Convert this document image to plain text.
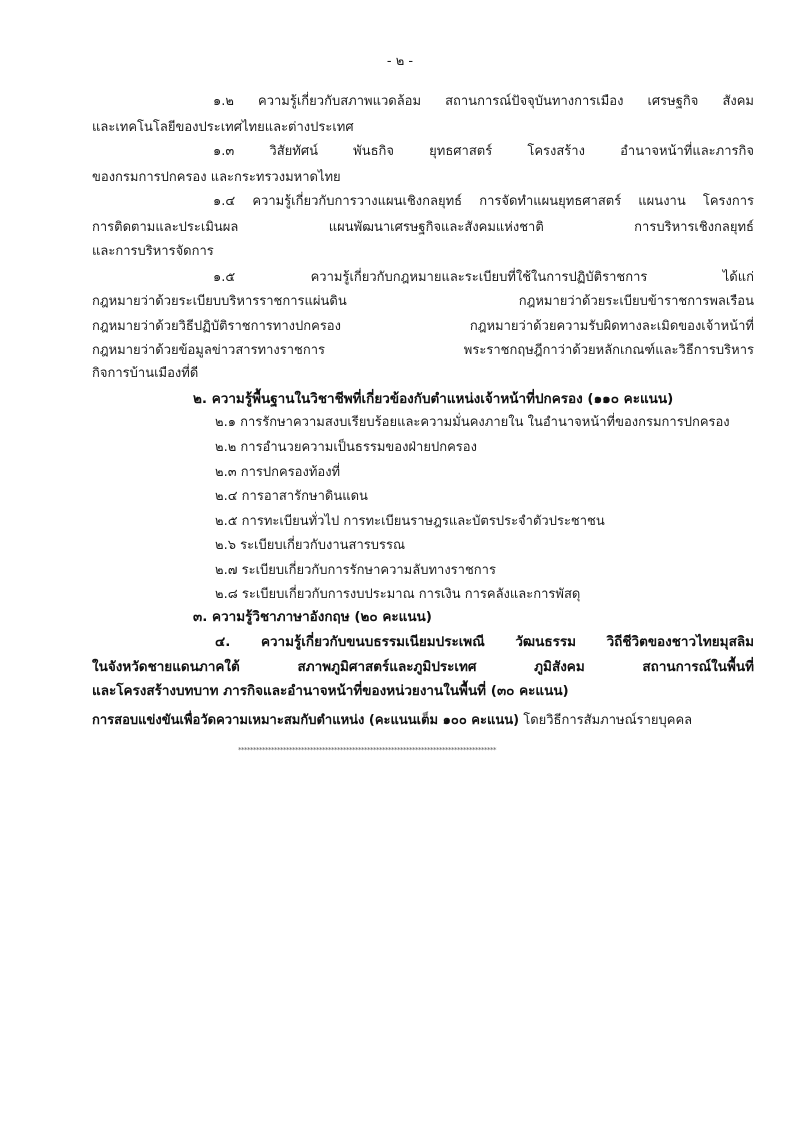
- ๒ -
๑.๒ ความรู้เกี่ยวกับสภาพแวดล้อม สถานการณ์ปัจจุบันทางการเมือง เศรษฐกิจ สังคม
และเทคโนโลยีของประเทศไทยและต่างประเทศ
๑.๓ วิสัยทัศน์ พันธกิจ ยุทธศาสตร์ โครงสร้าง อำนาจหน้าที่และภารกิจ
ของกรมการปกครอง และกระทรวงมหาดไทย
๑.๔ ความรู้เกี่ยวกับการวางแผนเชิงกลยุทธ์ การจัดทำแผนยุทธศาสตร์ แผนงาน โครงการ
การติดตามและประเมินผล แผนพัฒนาเศรษฐกิจและสังคมแห่งชาติ การบริหารเชิงกลยุทธ์
และการบริหารจัดการ
๑.๕ ความรู้เกี่ยวกับกฎหมายและระเบียบที่ใช้ในการปฏิบัติราชการ ได้แก่
กฎหมายว่าด้วยระเบียบบริหารราชการแผ่นดิน กฎหมายว่าด้วยระเบียบข้าราชการพลเรือน
กฎหมายว่าด้วยวิธีปฏิบัติราชการทางปกครอง กฎหมายว่าด้วยความรับผิดทางละเมิดของเจ้าหน้าที่
กฎหมายว่าด้วยข้อมูลข่าวสารทางราชการ พระราชกฤษฎีกาว่าด้วยหลักเกณฑ์และวิธีการบริหาร
กิจการบ้านเมืองที่ดี
๒. ความรู้พื้นฐานในวิชาชีพที่เกี่ยวข้องกับตำแหน่งเจ้าหน้าที่ปกครอง (๑๑๐ คะแนน)
๒.๑ การรักษาความสงบเรียบร้อยและความมั่นคงภายใน ในอำนาจหน้าที่ของกรมการปกครอง
๒.๒ การอำนวยความเป็นธรรมของฝ่ายปกครอง
๒.๓ การปกครองท้องที่
๒.๔ การอาสารักษาดินแดน
๒.๕ การทะเบียนทั่วไป การทะเบียนราษฎรและบัตรประจำตัวประชาชน
๒.๖ ระเบียบเกี่ยวกับงานสารบรรณ
๒.๗ ระเบียบเกี่ยวกับการรักษาความลับทางราชการ
๒.๘ ระเบียบเกี่ยวกับการงบประมาณ การเงิน การคลังและการพัสดุ
๓. ความรู้วิชาภาษาอังกฤษ (๒๐ คะแนน)
๔. ความรู้เกี่ยวกับขนบธรรมเนียมประเพณี วัฒนธรรม วิถีชีวิตของชาวไทยมุสลิม
ในจังหวัดชายแดนภาคใต้ สภาพภูมิศาสตร์และภูมิประเทศ ภูมิสังคม สถานการณ์ในพื้นที่
และโครงสร้างบทบาท ภารกิจและอำนาจหน้าที่ของหน่วยงานในพื้นที่ (๓๐ คะแนน)
การสอบแข่งขันเพื่อวัดความเหมาะสมกับตำแหน่ง (คะแนนเต็ม ๑๐๐ คะแนน) โดยวิธีการสัมภาษณ์รายบุคคล
**************************************************************************************
